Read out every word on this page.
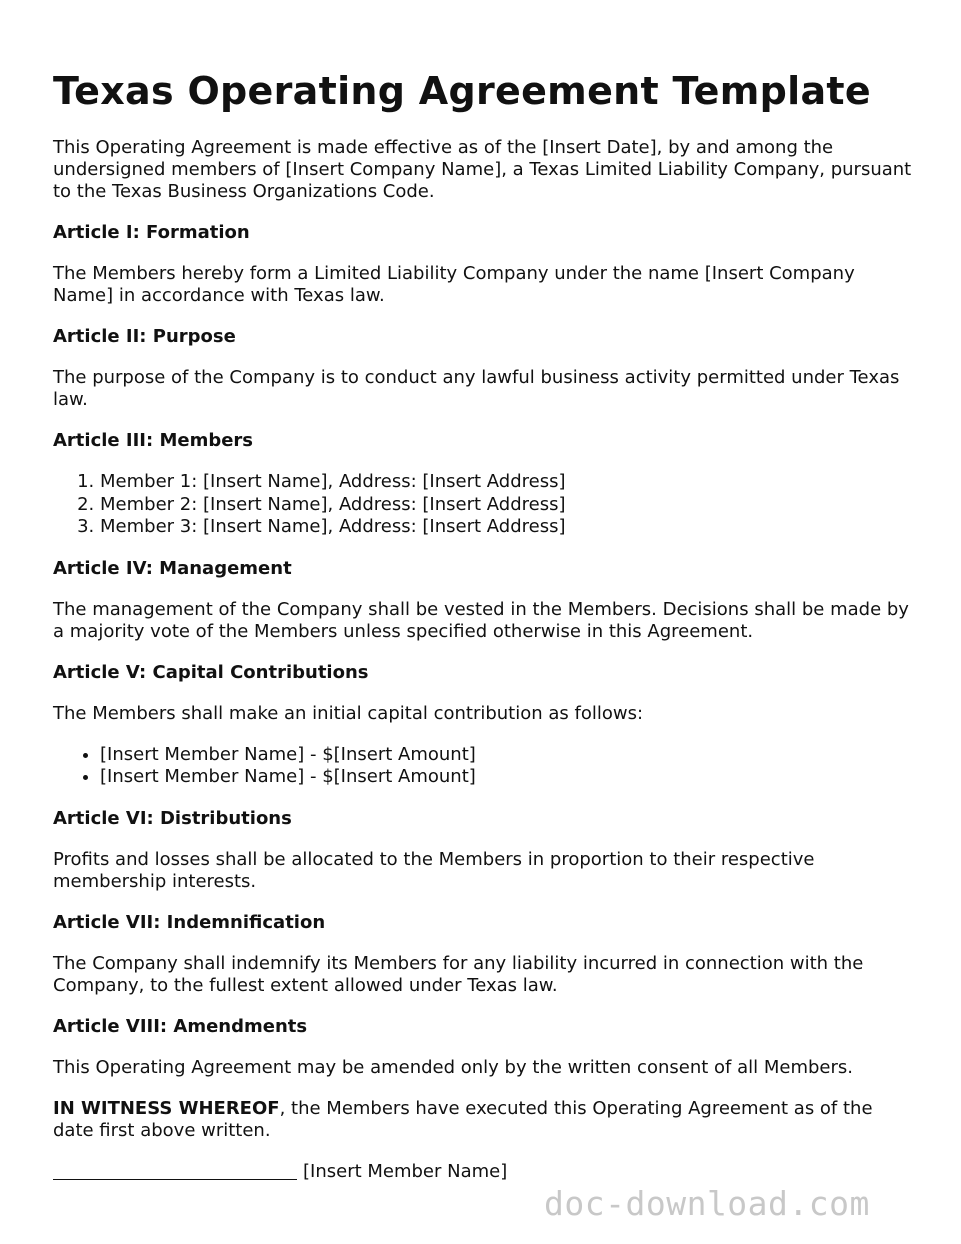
Texas Operating Agreement Template

This Operating Agreement is made effective as of the [Insert Date], by and among the undersigned members of [Insert Company Name], a Texas Limited Liability Company, pursuant to the Texas Business Organizations Code.

Article I: Formation

The Members hereby form a Limited Liability Company under the name [Insert Company Name] in accordance with Texas law.

Article II: Purpose

The purpose of the Company is to conduct any lawful business activity permitted under Texas law.

Article III: Members
1. Member 1: [Insert Name], Address: [Insert Address]
2. Member 2: [Insert Name], Address: [Insert Address]
3. Member 3: [Insert Name], Address: [Insert Address]
Article IV: Management

The management of the Company shall be vested in the Members. Decisions shall be made by a majority vote of the Members unless specified otherwise in this Agreement.

Article V: Capital Contributions

The Members shall make an initial capital contribution as follows:

• [Insert Member Name] - $[Insert Amount]
• [Insert Member Name] - $[Insert Amount]
Article VI: Distributions

Profits and losses shall be allocated to the Members in proportion to their respective membership interests.

Article VII: Indemnification

The Company shall indemnify its Members for any liability incurred in connection with the Company, to the fullest extent allowed under Texas law.

Article VIII: Amendments

This Operating Agreement may be amended only by the written consent of all Members.

IN WITNESS WHEREOF, the Members have executed this Operating Agreement as of the date first above written.

[Insert Member Name]
doc-download.com
